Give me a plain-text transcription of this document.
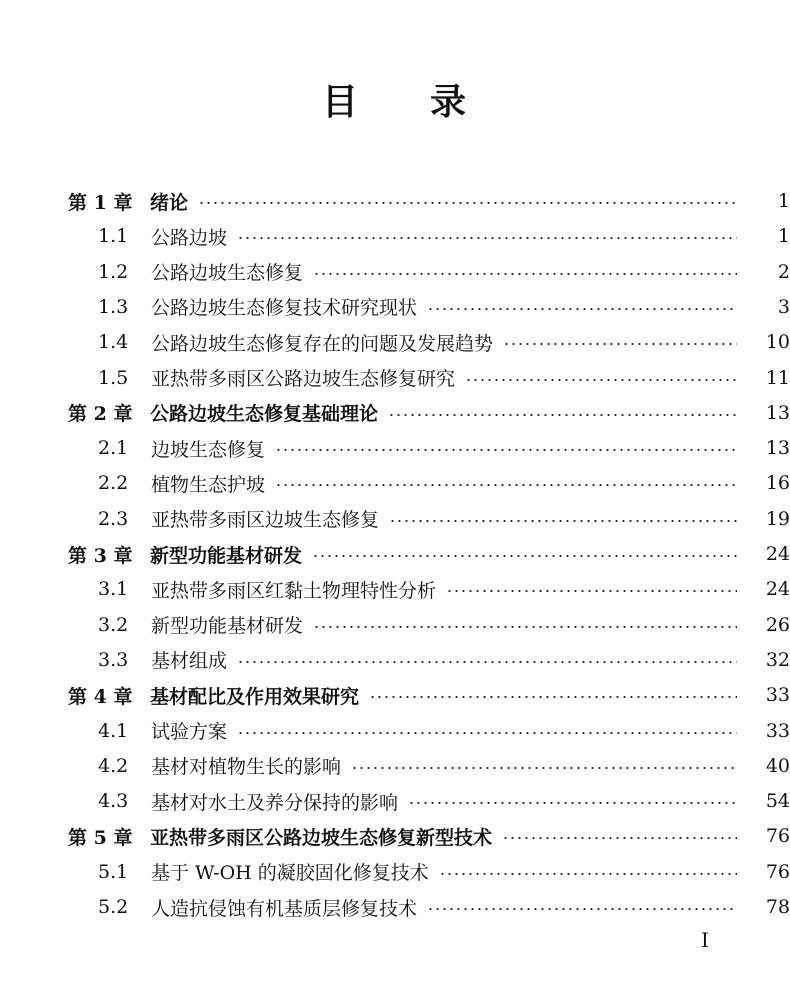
目 录
第 1 章 绪论	1
1.1	公路边坡	1
1.2	公路边坡生态修复	2
1.3	公路边坡生态修复技术研究现状	3
1.4	公路边坡生态修复存在的问题及发展趋势	10
1.5	亚热带多雨区公路边坡生态修复研究	11
第 2 章 公路边坡生态修复基础理论	13
2.1	边坡生态修复	13
2.2	植物生态护坡	16
2.3	亚热带多雨区边坡生态修复	19
第 3 章 新型功能基材研发	24
3.1	亚热带多雨区红黏土物理特性分析	24
3.2	新型功能基材研发	26
3.3	基材组成	32
第 4 章 基材配比及作用效果研究	33
4.1	试验方案	33
4.2	基材对植物生长的影响	40
4.3	基材对水土及养分保持的影响	54
第 5 章 亚热带多雨区公路边坡生态修复新型技术	76
5.1	基于 W-OH 的凝胶固化修复技术	76
5.2	人造抗侵蚀有机基质层修复技术	78
I
